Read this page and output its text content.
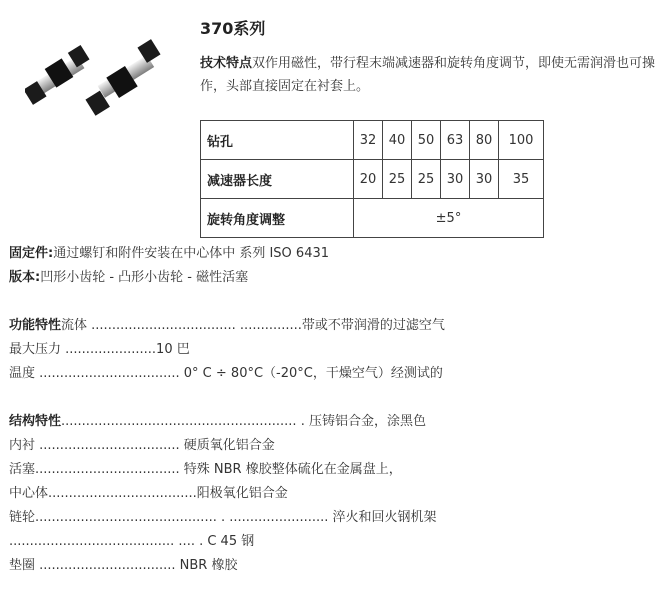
370系列
技术特点双作用磁性，带行程末端减速器和旋转角度调节，即使无需润滑也可操作，头部直接固定在衬套上。
钻孔	32	40	50	63	80	100
减速器长度	20	25	25	30	30	35
旋转角度调整	±5°					
固定件:通过螺钉和附件安装在中心体中 系列 ISO 6431
版本:凹形小齿轮 - 凸形小齿轮 - 磁性活塞
功能特性流体 ................................... ...............带或不带润滑的过滤空气
最大压力 ......................10 巴
温度 .................................. 0° C ÷ 80°C（-20°C，干燥空气）经测试的
结构特性......................................................... . 压铸铝合金，涂黑色
内衬 .................................. 硬质氧化铝合金
活塞................................... 特殊 NBR 橡胶整体硫化在金属盘上，
中心体....................................阳极氧化铝合金
链轮............................................ . ........................ 淬火和回火钢机架
........................................ .... . C 45 钢
垫圈 ................................. NBR 橡胶
